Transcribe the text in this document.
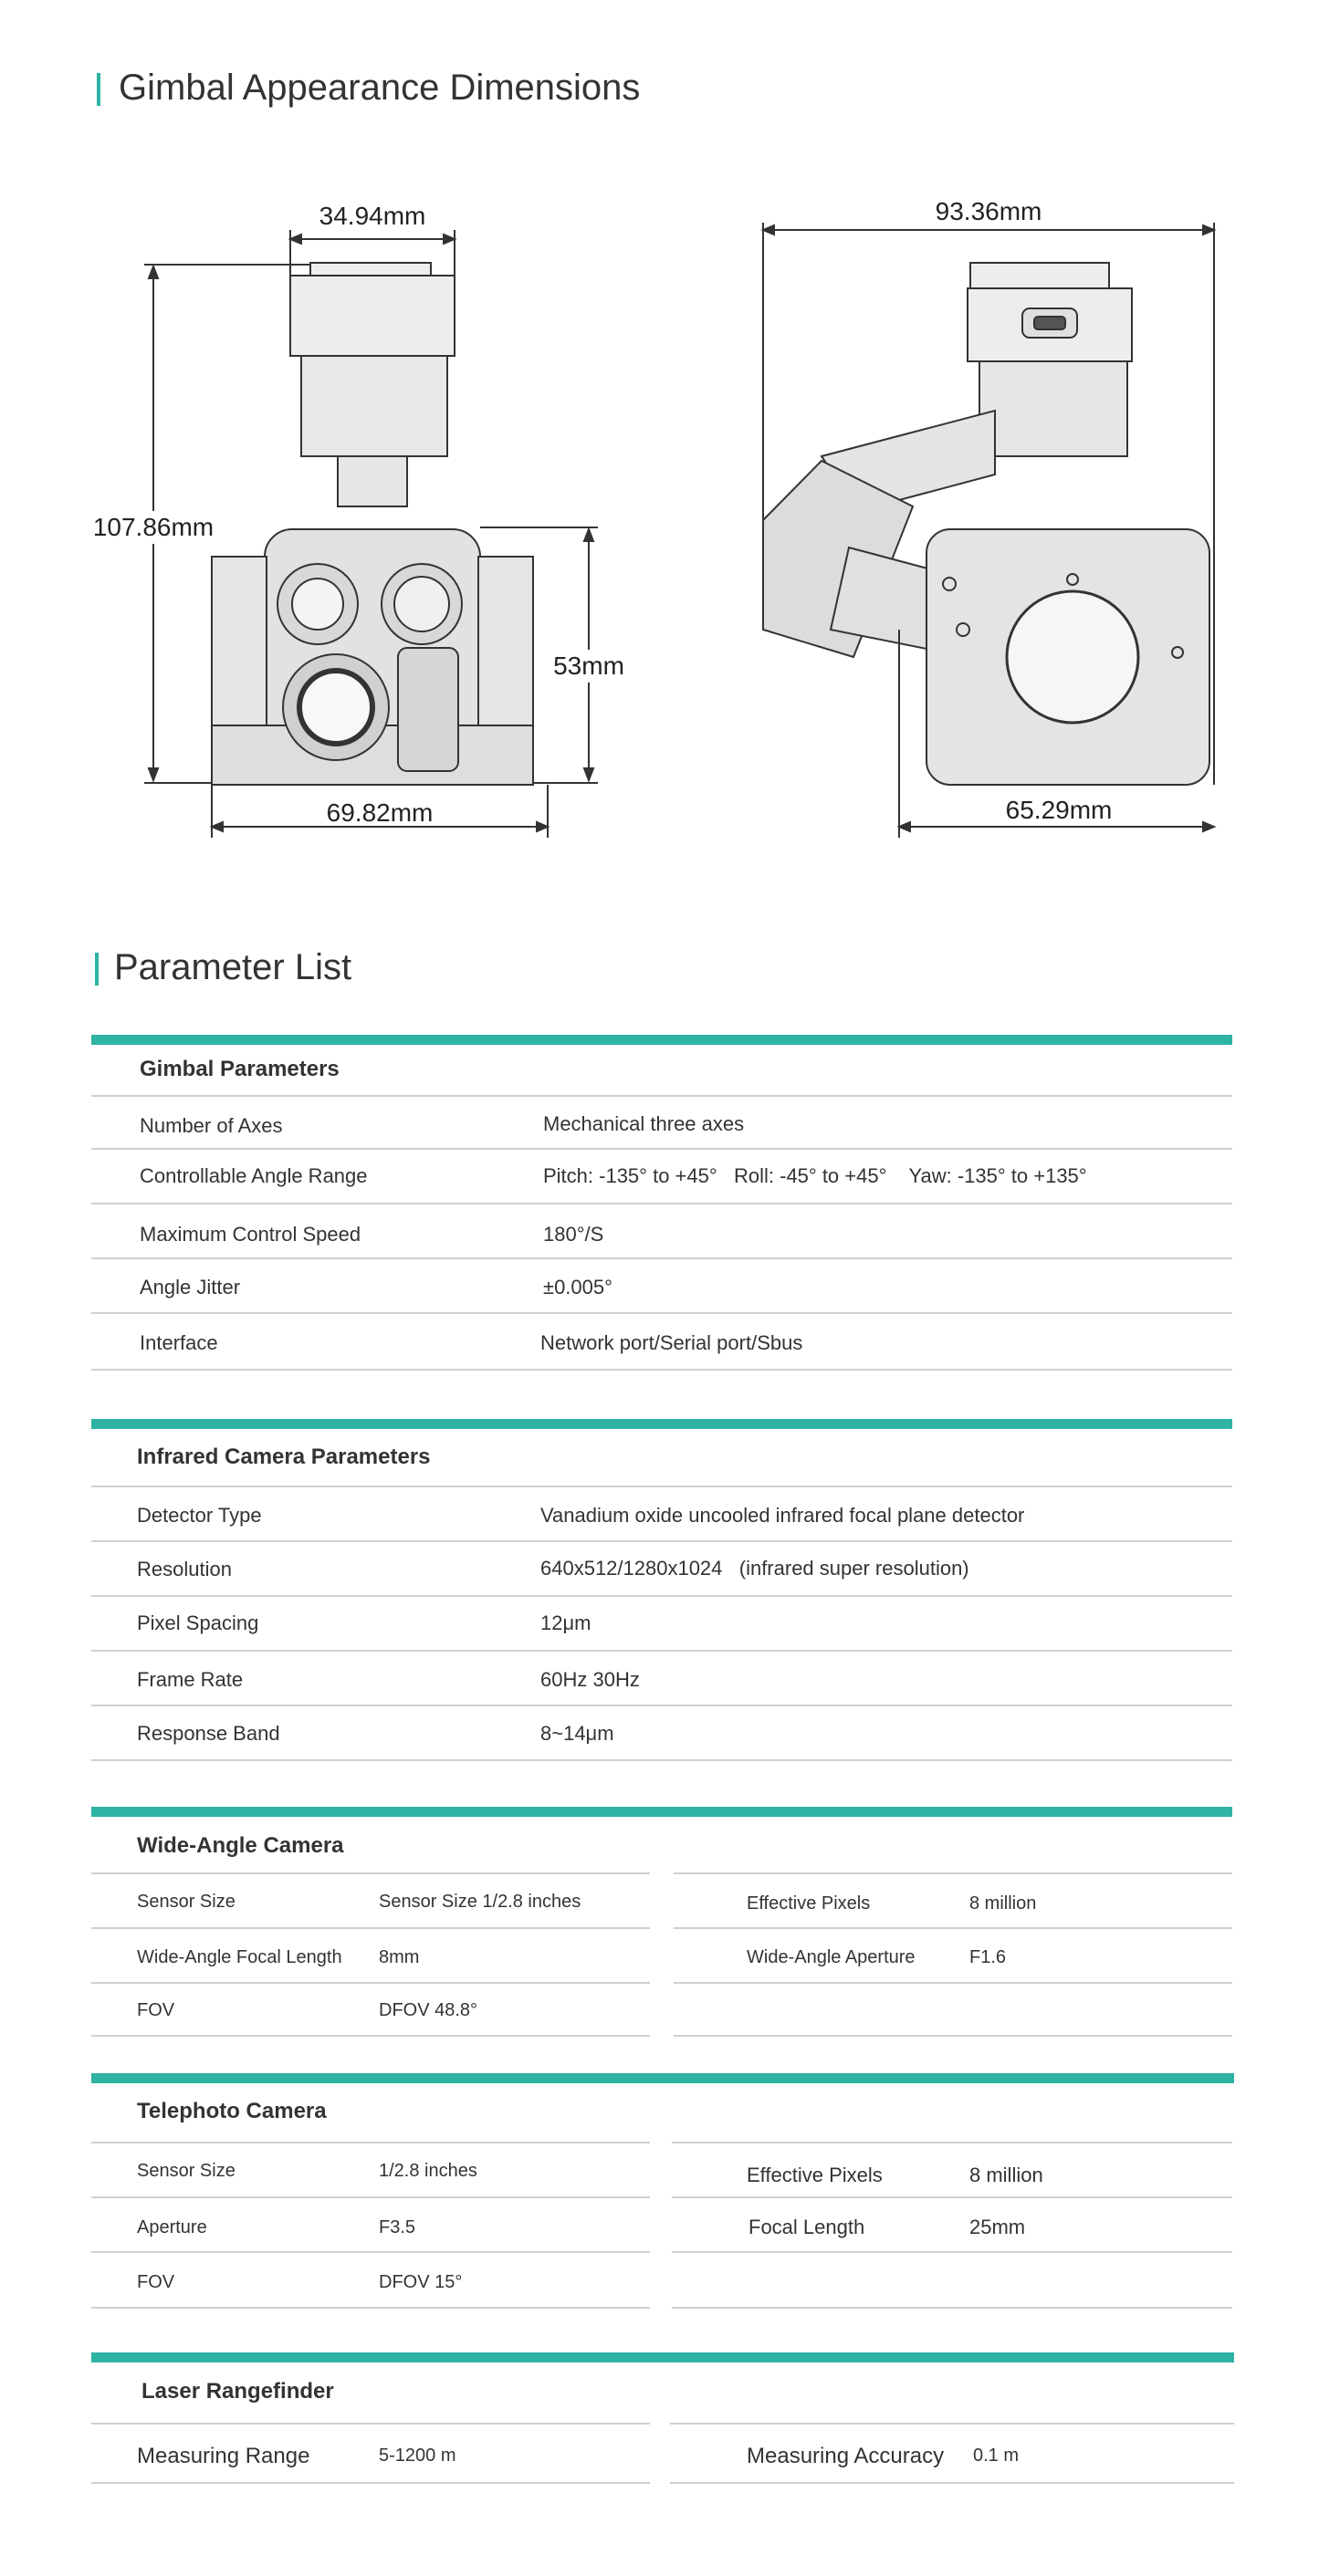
Gimbal Appearance Dimensions
34.94mm
107.86mm
53mm
69.82mm
93.36mm
65.29mm
Parameter List
Gimbal Parameters
Number of Axes	Mechanical three axes
Controllable Angle Range	Pitch: -135° to +45°   Roll: -45° to +45°    Yaw: -135° to +135°
Maximum Control Speed	180°/S
Angle Jitter	±0.005°
Interface	Network port/Serial port/Sbus
Infrared Camera Parameters
Detector Type	Vanadium oxide uncooled infrared focal plane detector
Resolution	640x512/1280x1024   (infrared super resolution)
Pixel Spacing	12μm
Frame Rate	60Hz 30Hz
Response Band	8~14μm
Wide-Angle Camera
Sensor Size	Sensor Size 1/2.8 inches	Effective Pixels	8 million
Wide-Angle Focal Length 8mm	Wide-Angle Aperture	F1.6
FOV	DFOV 48.8°
Telephoto Camera
Sensor Size	1/2.8 inches	Effective Pixels	8 million
Aperture	F3.5	Focal Length	25mm
FOV	DFOV 15°
Laser Rangefinder
Measuring Range	5-1200 m	Measuring Accuracy 0.1 m
